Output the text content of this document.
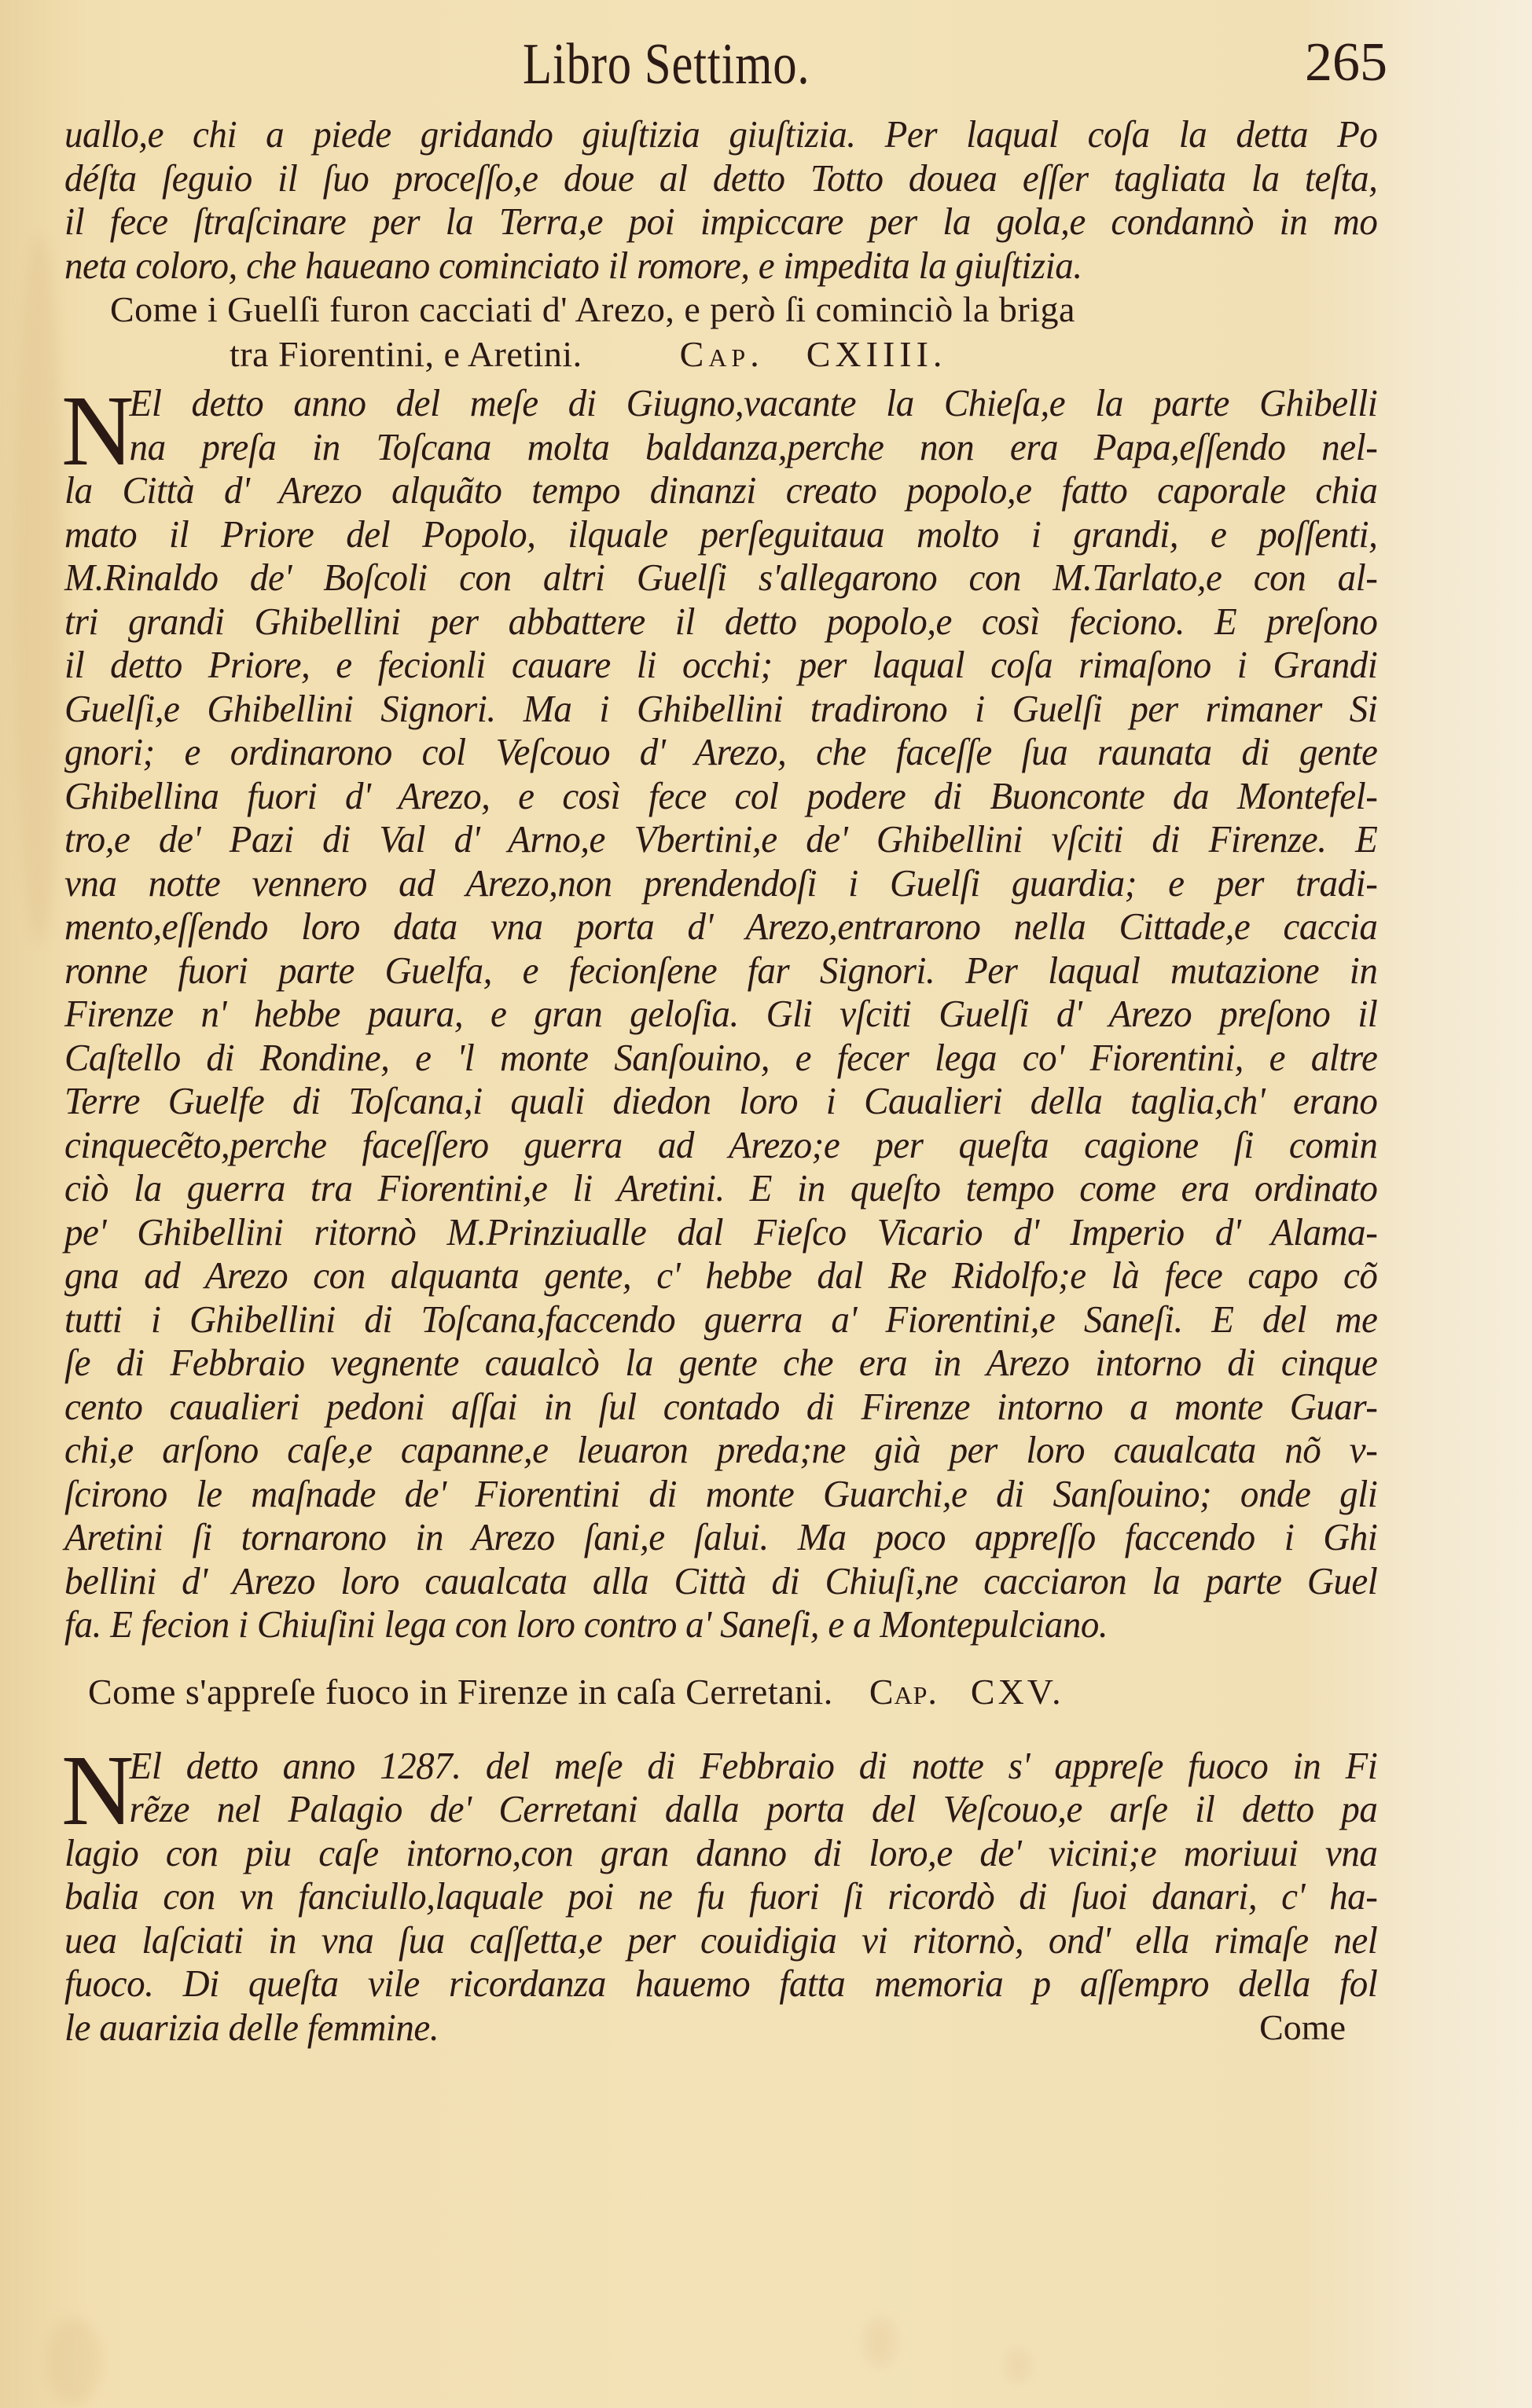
Libro Settimo.	265
uallo,e chi a piede gridando giuſtizia giuſtizia. Per laqual coſa la detta Po
déſta ſeguio il ſuo proceſſo,e doue al detto Totto douea eſſer tagliata la teſta,
il fece ſtraſcinare per la Terra,e poi impiccare per la gola,e condannò in mo
neta coloro, che haueano cominciato il romore, e impedita la giuſtizia.
Come i Guelſi furon cacciati d' Arezo, e però ſi cominciò la briga
tra Fiorentini, e Aretini.	Cap. CXIIII.
N
El detto anno del meſe di Giugno,vacante la Chieſa,e la parte Ghibelli
na preſa in Toſcana molta baldanza,perche non era Papa,eſſendo nel-
la Città d' Arezo alquãto tempo dinanzi creato popolo,e fatto caporale chia
mato il Priore del Popolo, ilquale perſeguitaua molto i grandi, e poſſenti,
M.Rinaldo de' Boſcoli con altri Guelſi s'allegarono con M.Tarlato,e con al-
tri grandi Ghibellini per abbattere il detto popolo,e così feciono. E preſono
il detto Priore, e fecionli cauare li occhi; per laqual coſa rimaſono i Grandi
Guelſi,e Ghibellini Signori. Ma i Ghibellini tradirono i Guelſi per rimaner Si
gnori; e ordinarono col Veſcouo d' Arezo, che faceſſe ſua raunata di gente
Ghibellina fuori d' Arezo, e così fece col podere di Buonconte da Montefel-
tro,e de' Pazi di Val d' Arno,e Vbertini,e de' Ghibellini vſciti di Firenze. E
vna notte vennero ad Arezo,non prendendoſi i Guelſi guardia; e per tradi-
mento,eſſendo loro data vna porta d' Arezo,entrarono nella Cittade,e caccia
ronne fuori parte Guelfa, e fecionſene far Signori. Per laqual mutazione in
Firenze n' hebbe paura, e gran geloſia. Gli vſciti Guelſi d' Arezo preſono il
Caſtello di Rondine, e 'l monte Sanſouino, e fecer lega co' Fiorentini, e altre
Terre Guelfe di Toſcana,i quali diedon loro i Caualieri della taglia,ch' erano
cinquecẽto,perche faceſſero guerra ad Arezo;e per queſta cagione ſi comin
ciò la guerra tra Fiorentini,e li Aretini. E in queſto tempo come era ordinato
pe' Ghibellini ritornò M.Prinziualle dal Fieſco Vicario d' Imperio d' Alama-
gna ad Arezo con alquanta gente, c' hebbe dal Re Ridolfo;e là fece capo cõ
tutti i Ghibellini di Toſcana,faccendo guerra a' Fiorentini,e Saneſi. E del me
ſe di Febbraio vegnente caualcò la gente che era in Arezo intorno di cinque
cento caualieri pedoni aſſai in ſul contado di Firenze intorno a monte Guar-
chi,e arſono caſe,e capanne,e leuaron preda;ne già per loro caualcata nõ v-
ſcirono le maſnade de' Fiorentini di monte Guarchi,e di Sanſouino; onde gli
Aretini ſi tornarono in Arezo ſani,e ſalui. Ma poco appreſſo faccendo i Ghi
bellini d' Arezo loro caualcata alla Città di Chiuſi,ne cacciaron la parte Guel
fa. E fecion i Chiuſini lega con loro contro a' Saneſi, e a Montepulciano.
Come s'appreſe fuoco in Firenze in caſa Cerretani. Cap. CXV.
N
El detto anno 1287. del meſe di Febbraio di notte s' appreſe fuoco in Fi
rẽze nel Palagio de' Cerretani dalla porta del Veſcouo,e arſe il detto pa
lagio con piu caſe intorno,con gran danno di loro,e de' vicini;e moriuui vna
balia con vn fanciullo,laquale poi ne fu fuori ſi ricordò di ſuoi danari, c' ha-
uea laſciati in vna ſua caſſetta,e per couidigia vi ritornò, ond' ella rimaſe nel
fuoco. Di queſta vile ricordanza hauemo fatta memoria p aſſempro della fol
le auarizia delle femmine.	Come
